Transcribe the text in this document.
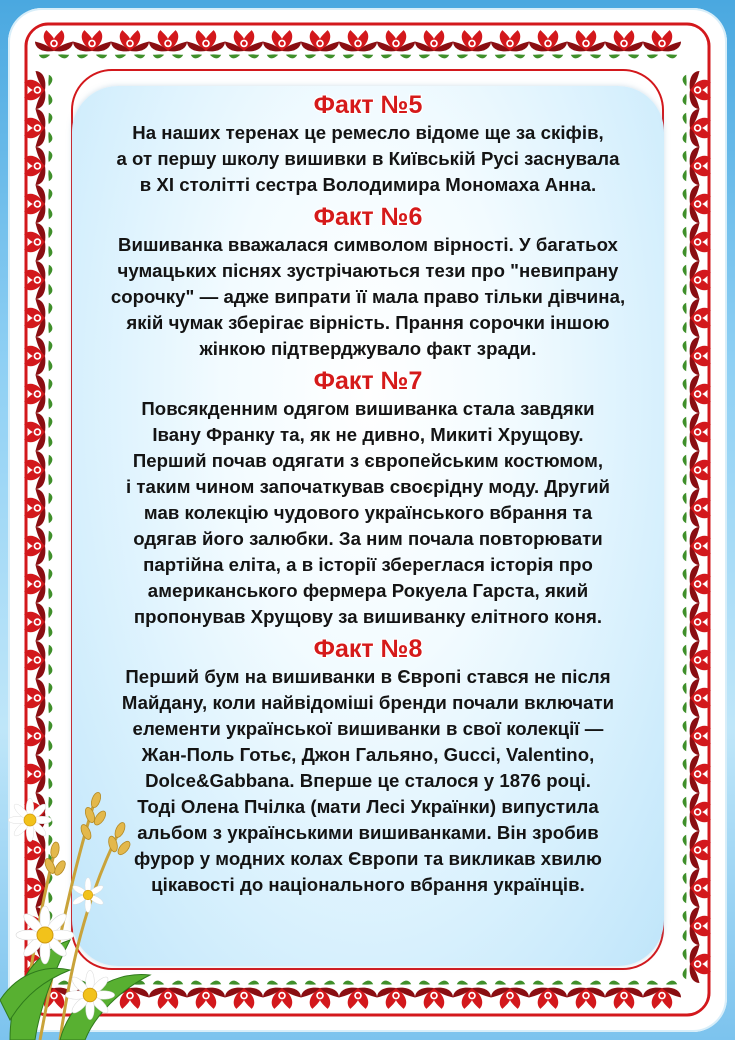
Факт №5
На наших теренах це ремесло відоме ще за скіфів,
а от першу школу вишивки в Київській Русі заснувала
в XI столітті сестра Володимира Мономаха Анна.
Факт №6
Вишиванка вважалася символом вірності. У багатьох
чумацьких піснях зустрічаються тези про "невипрану
сорочку" — адже випрати її мала право тільки дівчина,
якій чумак зберігає вірність. Прання сорочки іншою
жінкою підтверджувало факт зради.
Факт №7
Повсякденним одягом вишиванка стала завдяки
Івану Франку та, як не дивно, Микиті Хрущову.
Перший почав одягати з європейським костюмом,
і таким чином започаткував своєрідну моду. Другий
мав колекцію чудового українського вбрання та
одягав його залюбки. За ним почала повторювати
партійна еліта, а в історії збереглася історія про
американського фермера Рокуела Гарста, який
пропонував Хрущову за вишиванку елітного коня.
Факт №8
Перший бум на вишиванки в Європі стався не після
Майдану, коли найвідоміші бренди почали включати
елементи української вишиванки в свої колекції —
Жан-Поль Готьє, Джон Гальяно, Gucci, Valentino,
Dolce&Gabbana. Вперше це сталося у 1876 році.
Тоді Олена Пчілка (мати Лесі Українки) випустила
альбом з українськими вишиванками. Він зробив
фурор у модних колах Європи та викликав хвилю
цікавості до національного вбрання українців.
